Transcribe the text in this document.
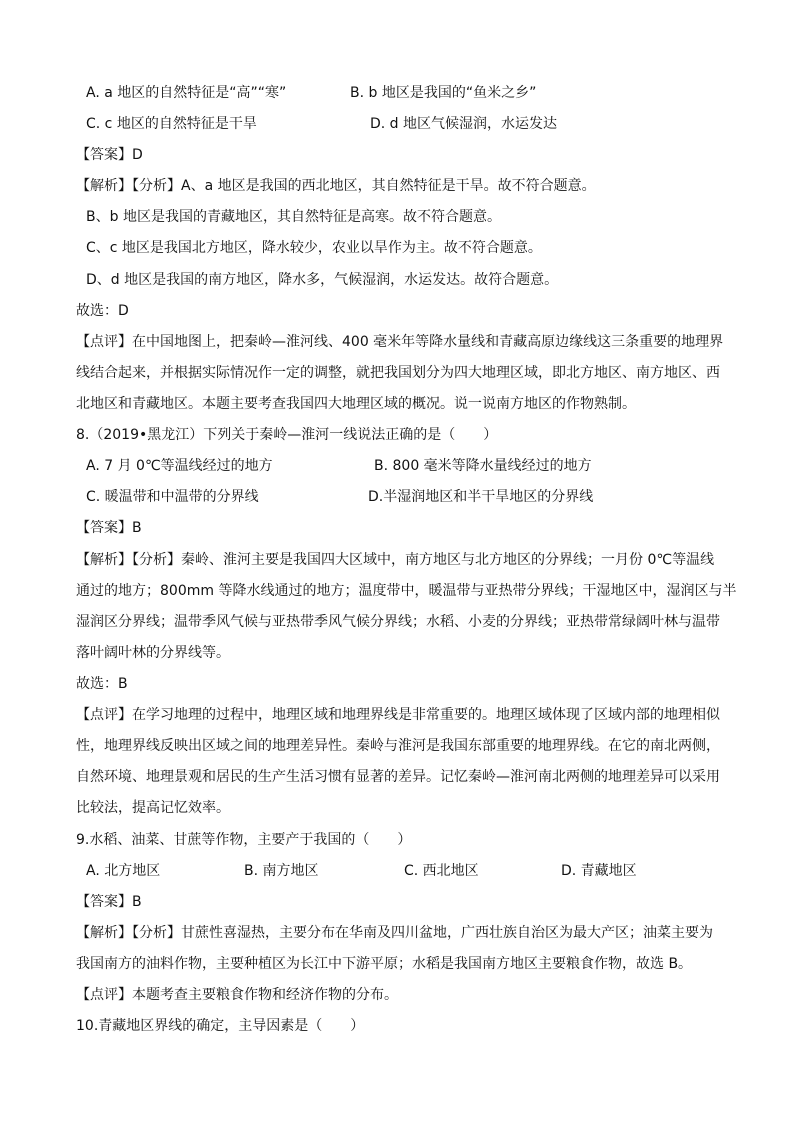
A. a 地区的自然特征是“高”“寒”	B. b 地区是我国的“鱼米之乡”
C. c 地区的自然特征是干旱	D. d 地区气候湿润，水运发达
【答案】D
【解析】【分析】A、a 地区是我国的西北地区，其自然特征是干旱。故不符合题意。
B、b 地区是我国的青藏地区，其自然特征是高寒。故不符合题意。
C、c 地区是我国北方地区，降水较少，农业以旱作为主。故不符合题意。
D、d 地区是我国的南方地区，降水多，气候湿润，水运发达。故符合题意。
故选：D
【点评】在中国地图上，把秦岭—淮河线、400 毫米年等降水量线和青藏高原边缘线这三条重要的地理界
线结合起来，并根据实际情况作一定的调整，就把我国划分为四大地理区域，即北方地区、南方地区、西
北地区和青藏地区。本题主要考查我国四大地理区域的概况。说一说南方地区的作物熟制。
8.（2019•黑龙江）下列关于秦岭—淮河一线说法正确的是（　　）
A. 7 月 0℃等温线经过的地方	B. 800 毫米等降水量线经过的地方
C. 暖温带和中温带的分界线	D.半湿润地区和半干旱地区的分界线
【答案】B
【解析】【分析】秦岭、淮河主要是我国四大区域中，南方地区与北方地区的分界线；一月份 0℃等温线
通过的地方；800mm 等降水线通过的地方；温度带中，暖温带与亚热带分界线；干湿地区中，湿润区与半
湿润区分界线；温带季风气候与亚热带季风气候分界线；水稻、小麦的分界线；亚热带常绿阔叶林与温带
落叶阔叶林的分界线等。
故选：B
【点评】在学习地理的过程中，地理区域和地理界线是非常重要的。地理区域体现了区域内部的地理相似
性，地理界线反映出区域之间的地理差异性。秦岭与淮河是我国东部重要的地理界线。在它的南北两侧，
自然环境、地理景观和居民的生产生活习惯有显著的差异。记忆秦岭—淮河南北两侧的地理差异可以采用
比较法，提高记忆效率。
9.水稻、油菜、甘蔗等作物，主要产于我国的（　　）
A. 北方地区	B. 南方地区	C. 西北地区	D. 青藏地区
【答案】B
【解析】【分析】甘蔗性喜湿热，主要分布在华南及四川盆地，广西壮族自治区为最大产区；油菜主要为
我国南方的油料作物，主要种植区为长江中下游平原；水稻是我国南方地区主要粮食作物，故选 B。
【点评】本题考查主要粮食作物和经济作物的分布。
10.青藏地区界线的确定，主导因素是（　　）
